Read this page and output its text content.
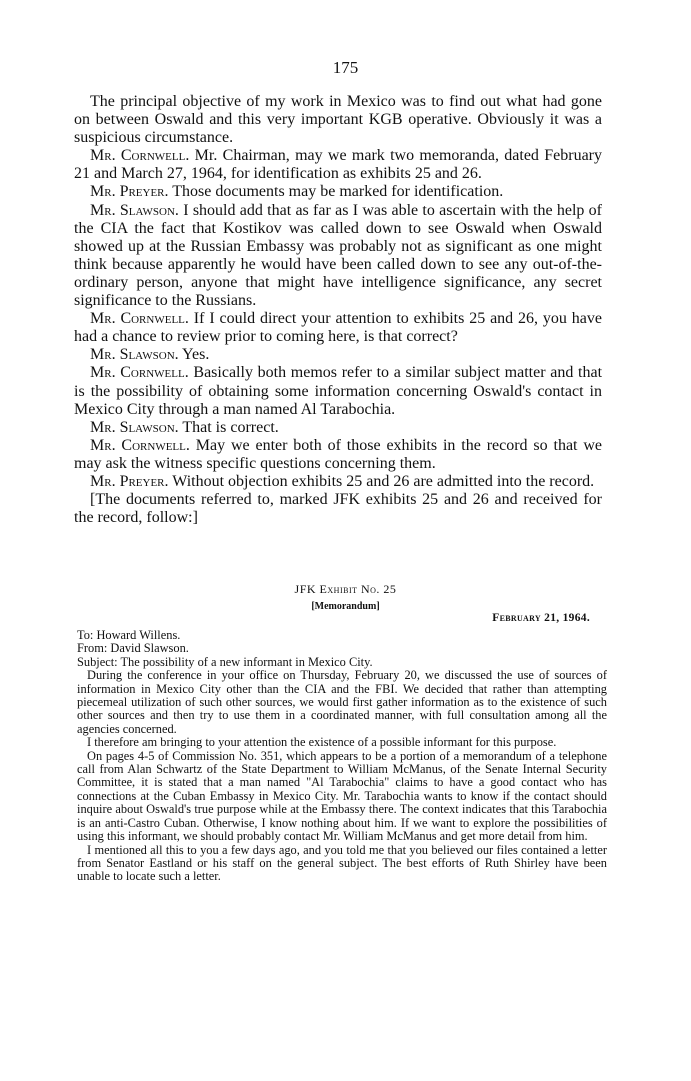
175

The principal objective of my work in Mexico was to find out what had gone on between Oswald and this very important KGB operative. Obviously it was a suspicious circumstance.

Mr. Cornwell. Mr. Chairman, may we mark two memoranda, dated February 21 and March 27, 1964, for identification as exhibits 25 and 26.

Mr. Preyer. Those documents may be marked for identification.

Mr. Slawson. I should add that as far as I was able to ascertain with the help of the CIA the fact that Kostikov was called down to see Oswald when Oswald showed up at the Russian Embassy was probably not as significant as one might think because apparently he would have been called down to see any out-of-the-ordinary person, anyone that might have intelligence significance, any secret significance to the Russians.

Mr. Cornwell. If I could direct your attention to exhibits 25 and 26, you have had a chance to review prior to coming here, is that correct?

Mr. Slawson. Yes.

Mr. Cornwell. Basically both memos refer to a similar subject matter and that is the possibility of obtaining some information concerning Oswald's contact in Mexico City through a man named Al Tarabochia.

Mr. Slawson. That is correct.

Mr. Cornwell. May we enter both of those exhibits in the record so that we may ask the witness specific questions concerning them.

Mr. Preyer. Without objection exhibits 25 and 26 are admitted into the record.

[The documents referred to, marked JFK exhibits 25 and 26 and received for the record, follow:]

JFK Exhibit No. 25
[Memorandum]
February 21, 1964.

To: Howard Willens.

From: David Slawson.

Subject: The possibility of a new informant in Mexico City.

During the conference in your office on Thursday, February 20, we discussed the use of sources of information in Mexico City other than the CIA and the FBI. We decided that rather than attempting piecemeal utilization of such other sources, we would first gather information as to the existence of such other sources and then try to use them in a coordinated manner, with full consultation among all the agencies concerned.

I therefore am bringing to your attention the existence of a possible informant for this purpose.

On pages 4-5 of Commission No. 351, which appears to be a portion of a memorandum of a telephone call from Alan Schwartz of the State Department to William McManus, of the Senate Internal Security Committee, it is stated that a man named "Al Tarabochia" claims to have a good contact who has connections at the Cuban Embassy in Mexico City. Mr. Tarabochia wants to know if the contact should inquire about Oswald's true purpose while at the Embassy there. The context indicates that this Tarabochia is an anti-Castro Cuban. Otherwise, I know nothing about him. If we want to explore the possibilities of using this informant, we should probably contact Mr. William McManus and get more detail from him.

I mentioned all this to you a few days ago, and you told me that you believed our files contained a letter from Senator Eastland or his staff on the general subject. The best efforts of Ruth Shirley have been unable to locate such a letter.
